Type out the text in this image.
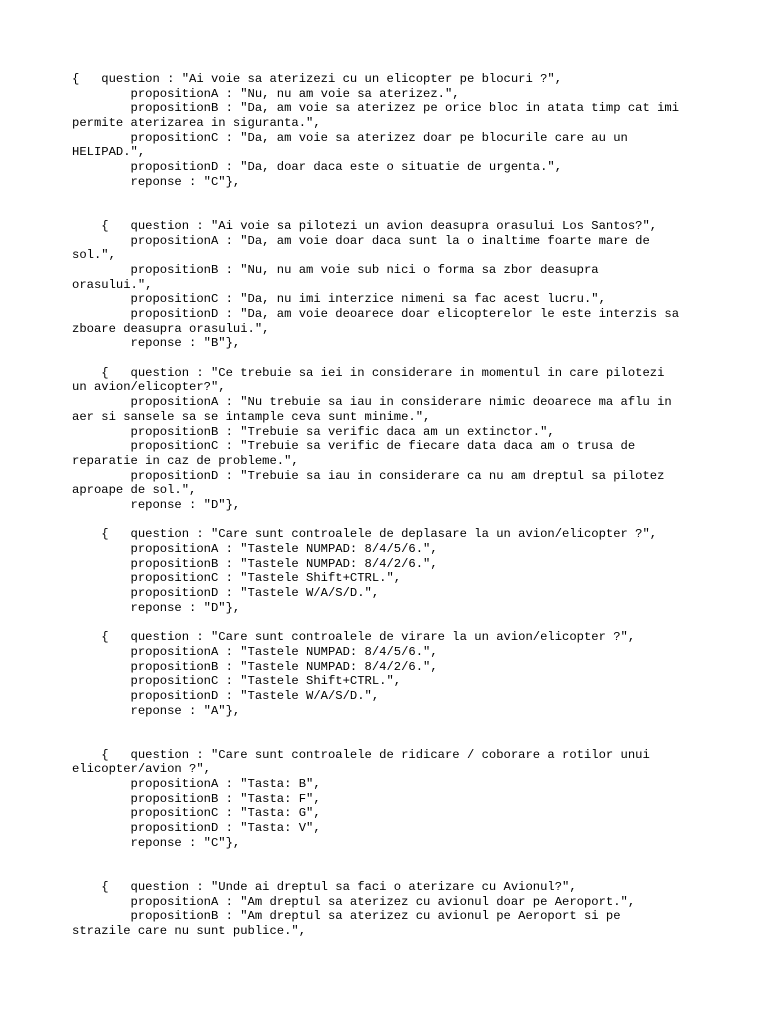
{   question : "Ai voie sa aterizezi cu un elicopter pe blocuri ?",
propositionA : "Nu, nu am voie sa aterizez.",
propositionB : "Da, am voie sa aterizez pe orice bloc in atata timp cat imi
permite aterizarea in siguranta.",
propositionC : "Da, am voie sa aterizez doar pe blocurile care au un
HELIPAD.",
propositionD : "Da, doar daca este o situatie de urgenta.",
reponse : "C"},
{   question : "Ai voie sa pilotezi un avion deasupra orasului Los Santos?",
propositionA : "Da, am voie doar daca sunt la o inaltime foarte mare de
sol.",
propositionB : "Nu, nu am voie sub nici o forma sa zbor deasupra
orasului.",
propositionC : "Da, nu imi interzice nimeni sa fac acest lucru.",
propositionD : "Da, am voie deoarece doar elicopterelor le este interzis sa
zboare deasupra orasului.",
reponse : "B"},
{   question : "Ce trebuie sa iei in considerare in momentul in care pilotezi
un avion/elicopter?",
propositionA : "Nu trebuie sa iau in considerare nimic deoarece ma aflu in
aer si sansele sa se intample ceva sunt minime.",
propositionB : "Trebuie sa verific daca am un extinctor.",
propositionC : "Trebuie sa verific de fiecare data daca am o trusa de
reparatie in caz de probleme.",
propositionD : "Trebuie sa iau in considerare ca nu am dreptul sa pilotez
aproape de sol.",
reponse : "D"},
{   question : "Care sunt controalele de deplasare la un avion/elicopter ?",
propositionA : "Tastele NUMPAD: 8/4/5/6.",
propositionB : "Tastele NUMPAD: 8/4/2/6.",
propositionC : "Tastele Shift+CTRL.",
propositionD : "Tastele W/A/S/D.",
reponse : "D"},
{   question : "Care sunt controalele de virare la un avion/elicopter ?",
propositionA : "Tastele NUMPAD: 8/4/5/6.",
propositionB : "Tastele NUMPAD: 8/4/2/6.",
propositionC : "Tastele Shift+CTRL.",
propositionD : "Tastele W/A/S/D.",
reponse : "A"},
{   question : "Care sunt controalele de ridicare / coborare a rotilor unui
elicopter/avion ?",
propositionA : "Tasta: B",
propositionB : "Tasta: F",
propositionC : "Tasta: G",
propositionD : "Tasta: V",
reponse : "C"},
{   question : "Unde ai dreptul sa faci o aterizare cu Avionul?",
propositionA : "Am dreptul sa aterizez cu avionul doar pe Aeroport.",
propositionB : "Am dreptul sa aterizez cu avionul pe Aeroport si pe
strazile care nu sunt publice.",
